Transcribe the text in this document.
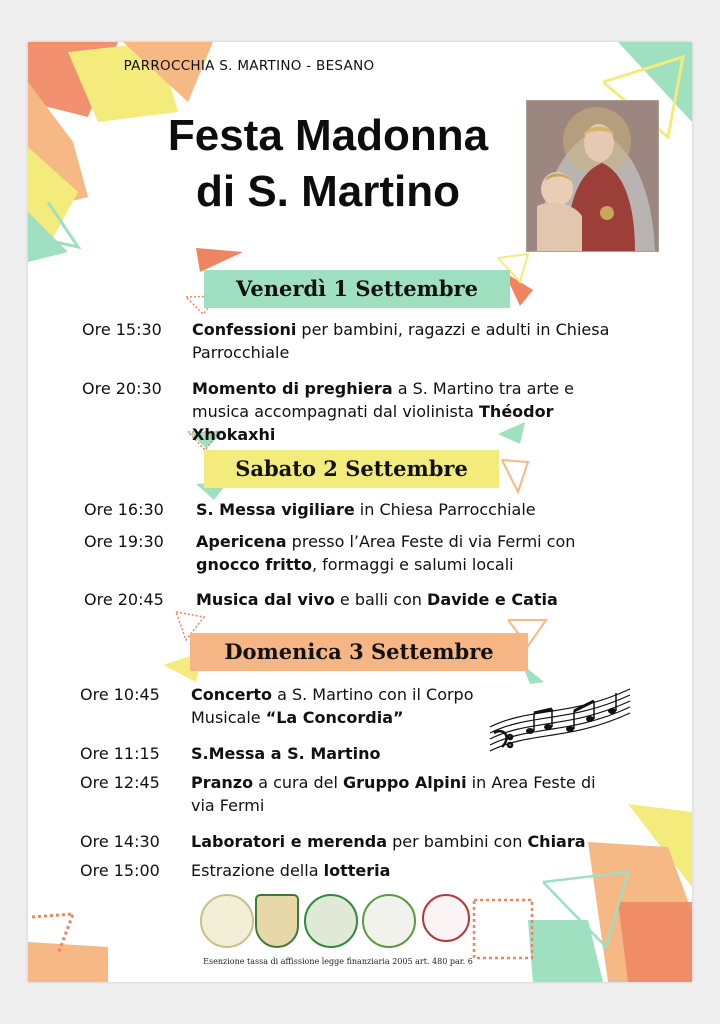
PARROCCHIA S. MARTINO - BESANO
Festa Madonna
di S. Martino
Venerdì 1 Settembre
Ore 15:30 Confessioni per bambini, ragazzi e adulti in Chiesa Parrocchiale
Ore 20:30 Momento di preghiera a S. Martino tra arte e musica accompagnati dal violinista Théodor Xhokaxhi
Sabato 2 Settembre
Ore 16:30 S. Messa vigiliare in Chiesa Parrocchiale
Ore 19:30 Apericena presso l’Area Feste di via Fermi con gnocco fritto, formaggi e salumi locali
Ore 20:45 Musica dal vivo e balli con Davide e Catia
Domenica 3 Settembre
Ore 10:45 Concerto a S. Martino con il Corpo Musicale “La Concordia”
Ore 11:15 S.Messa a S. Martino
Ore 12:45 Pranzo a cura del Gruppo Alpini in Area Feste di via Fermi
Ore 14:30 Laboratori e merenda per bambini con Chiara
Ore 15:00 Estrazione della lotteria
Esenzione tassa di affissione legge finanziaria 2005 art. 480 par. 6
